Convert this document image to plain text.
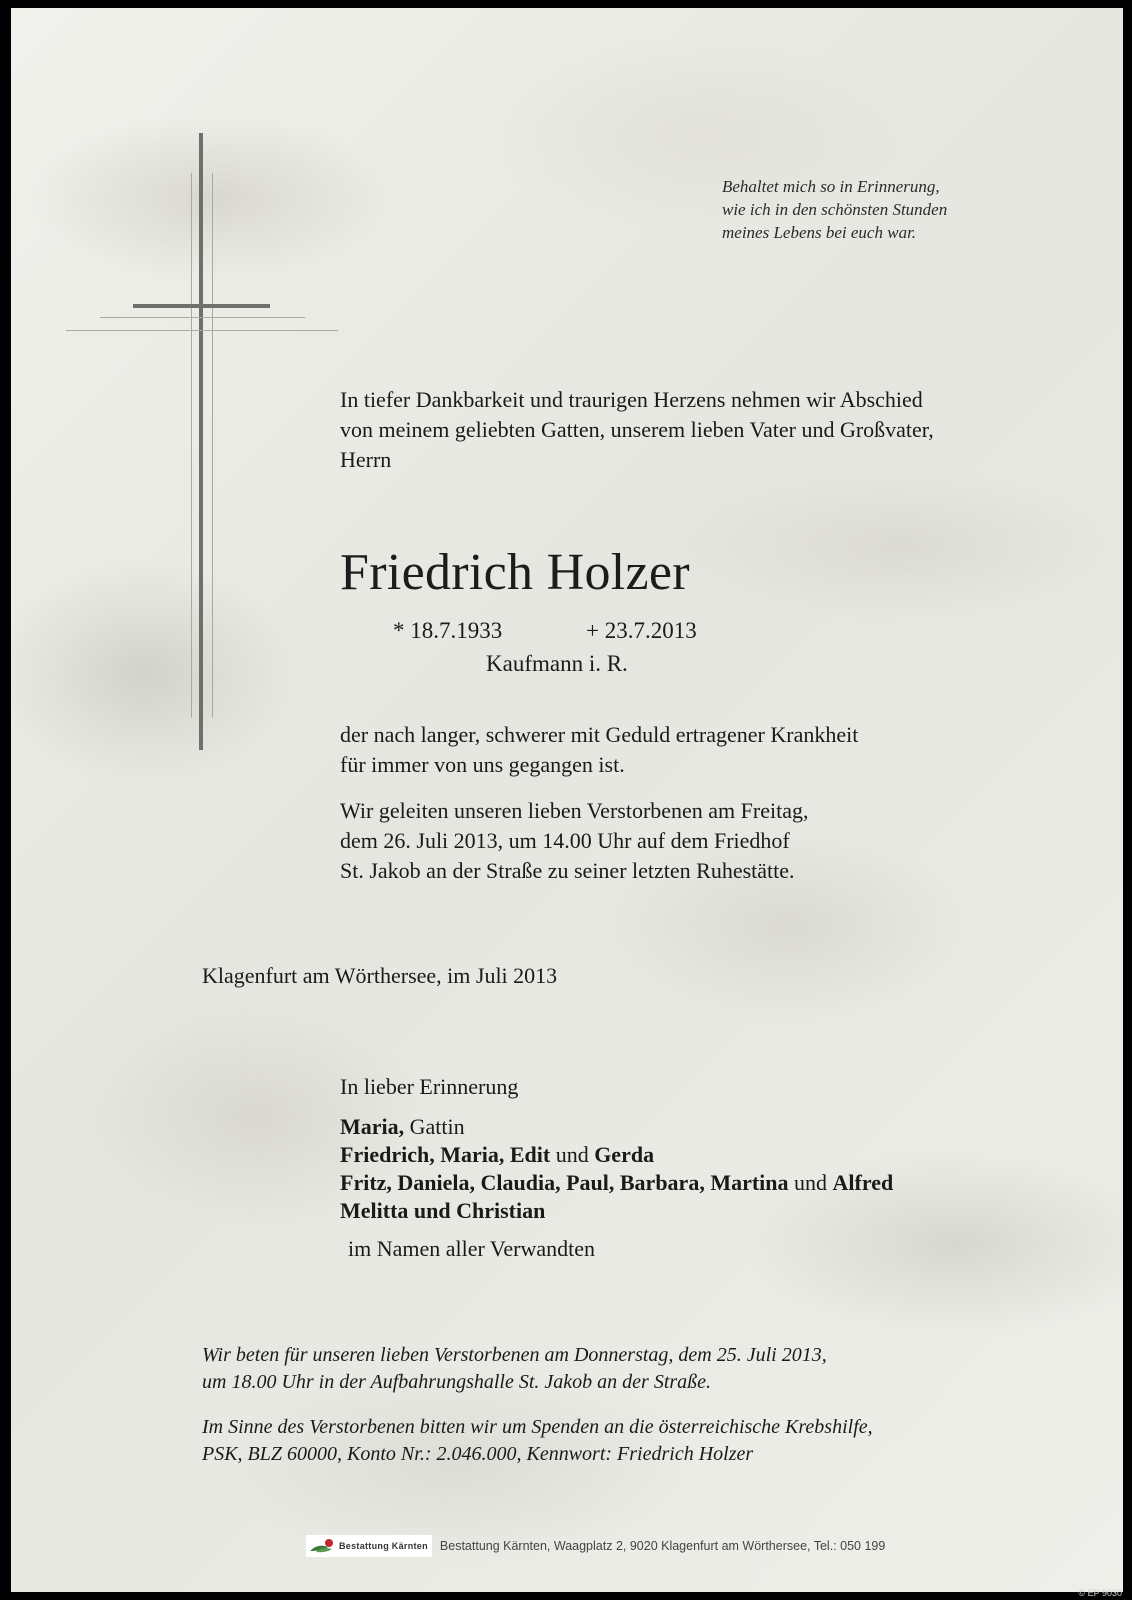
Behaltet mich so in Erinnerung,
wie ich in den schönsten Stunden
meines Lebens bei euch war.

In tiefer Dankbarkeit und traurigen Herzens nehmen wir Abschied
von meinem geliebten Gatten, unserem lieben Vater und Großvater,
Herrn

Friedrich Holzer

* 18.7.1933	+ 23.7.2013

Kaufmann i. R.

der nach langer, schwerer mit Geduld ertragener Krankheit
für immer von uns gegangen ist.

Wir geleiten unseren lieben Verstorbenen am Freitag,
dem 26. Juli 2013, um 14.00 Uhr auf dem Friedhof
St. Jakob an der Straße zu seiner letzten Ruhestätte.

Klagenfurt am Wörthersee, im Juli 2013

In lieber Erinnerung

Maria, Gattin
Friedrich, Maria, Edit und Gerda
Fritz, Daniela, Claudia, Paul, Barbara, Martina und Alfred
Melitta und Christian

im Namen aller Verwandten

Wir beten für unseren lieben Verstorbenen am Donnerstag, dem 25. Juli 2013,
um 18.00 Uhr in der Aufbahrungshalle St. Jakob an der Straße.

Im Sinne des Verstorbenen bitten wir um Spenden an die österreichische Krebshilfe,
PSK, BLZ 60000, Konto Nr.: 2.046.000, Kennwort: Friedrich Holzer

Bestattung Kärnten Bestattung Kärnten, Waagplatz 2, 9020 Klagenfurt am Wörthersee, Tel.: 050 199
© EP 9030
